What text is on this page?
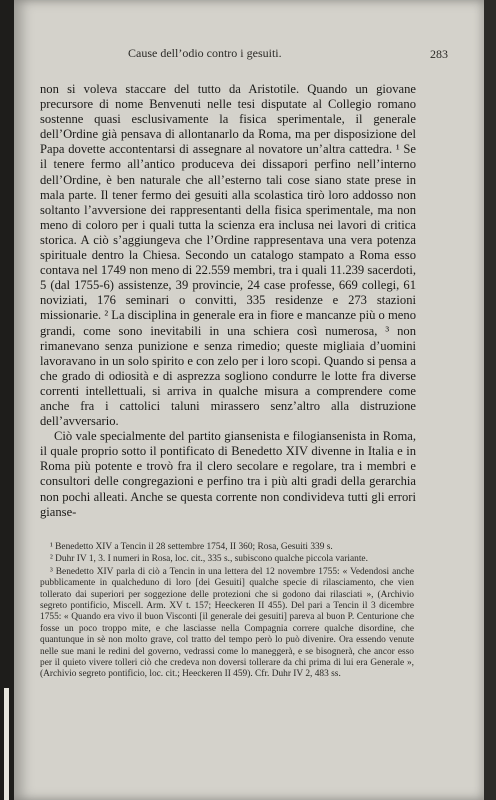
Cause dell’odio contro i gesuiti.	283

non si voleva staccare del tutto da Aristotile. Quando un giovane precursore di nome Benvenuti nelle tesi disputate al Collegio romano sostenne quasi esclusivamente la fisica sperimentale, il generale dell’Ordine già pensava di allontanarlo da Roma, ma per disposizione del Papa dovette accontentarsi di assegnare al novatore un’altra cattedra. ¹ Se il tenere fermo all’antico produceva dei dissapori perfino nell’interno dell’Ordine, è ben naturale che all’esterno tali cose siano state prese in mala parte. Il tener fermo dei gesuiti alla scolastica tirò loro addosso non soltanto l’avversione dei rappresentanti della fisica sperimentale, ma non meno di coloro per i quali tutta la scienza era inclusa nei lavori di critica storica. A ciò s’aggiungeva che l’Ordine rappresentava una vera potenza spirituale dentro la Chiesa. Secondo un catalogo stampato a Roma esso contava nel 1749 non meno di 22.559 membri, tra i quali 11.239 sacerdoti, 5 (dal 1755-6) assistenze, 39 provincie, 24 case professe, 669 collegi, 61 noviziati, 176 seminari o convitti, 335 residenze e 273 stazioni missionarie. ² La disciplina in generale era in fiore e mancanze più o meno grandi, come sono inevitabili in una schiera così numerosa, ³ non rimanevano senza punizione e senza rimedio; queste migliaia d’uomini lavoravano in un solo spirito e con zelo per i loro scopi. Quando si pensa a che grado di odiosità e di asprezza sogliono condurre le lotte fra diverse correnti intellettuali, si arriva in qualche misura a comprendere come anche fra i cattolici taluni mirassero senz’altro alla distruzione dell’avversario.

Ciò vale specialmente del partito giansenista e filogiansenista in Roma, il quale proprio sotto il pontificato di Benedetto XIV divenne in Italia e in Roma più potente e trovò fra il clero secolare e regolare, tra i membri e consultori delle congregazioni e perfino tra i più alti gradi della gerarchia non pochi alleati. Anche se questa corrente non condivideva tutti gli errori gianse-

¹ Benedetto XIV a Tencin il 28 settembre 1754, II 360; Rosa, Gesuiti 339 s.

² Duhr IV 1, 3. I numeri in Rosa, loc. cit., 335 s., subiscono qualche piccola variante.

³ Benedetto XIV parla di ciò a Tencin in una lettera del 12 novembre 1755: « Vedendosi anche pubblicamente in qualcheduno di loro [dei Gesuiti] qualche specie di rilasciamento, che vien tollerato dai superiori per soggezione delle protezioni che si godono dai rilasciati », (Archivio segreto pontificio, Miscell. Arm. XV t. 157; Heeckeren II 455). Del pari a Tencin il 3 dicembre 1755: « Quando era vivo il buon Visconti [il generale dei gesuiti] pareva al buon P. Centurione che fosse un poco troppo mite, e che lasciasse nella Compagnia correre qualche disordine, che quantunque in sè non molto grave, col tratto del tempo però lo può divenire. Ora essendo venute nelle sue mani le redini del governo, vedrassi come lo maneggerà, e se bisognerà, che ancor esso per il quieto vivere tolleri ciò che credeva non doversi tollerare da chi prima di lui era Generale », (Archivio segreto pontificio, loc. cit.; Heeckeren II 459). Cfr. Duhr IV 2, 483 ss.
